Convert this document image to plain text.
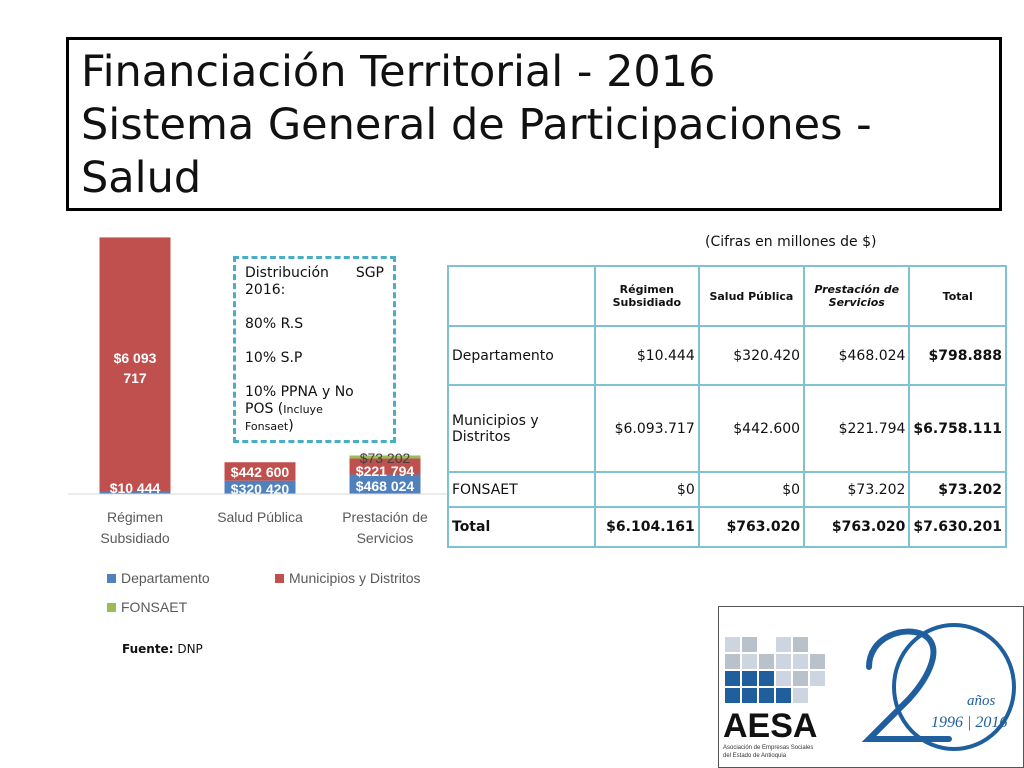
Financiación Territorial - 2016
Sistema General de Participaciones -
Salud
$6 093
717
$10 444
$442 600
$320 420
$73 202
$221 794
$468 024
Régimen
Subsidiado
Salud Pública	Prestación de
Servicios
Departamento	Municipios y Distritos
FONSAET
Distribución SGP

2016:

80% R.S

10% S.P

10% PPNA y No
POS (Incluye
Fonsaet)
(Cifras en millones de $)
	Régimen Subsidiado	Salud Pública	Prestación de Servicios	Total
Departamento	$10.444	$320.420	$468.024	$798.888
Municipios y Distritos	$6.093.717	$442.600	$221.794	$6.758.111
FONSAET	$0	$0	$73.202	$73.202
Total	$6.104.161	$763.020	$763.020	$7.630.201
Fuente: DNP
años
1996 | 2016
AESA
Asociación de Empresas Sociales
del Estado de Antioquia
